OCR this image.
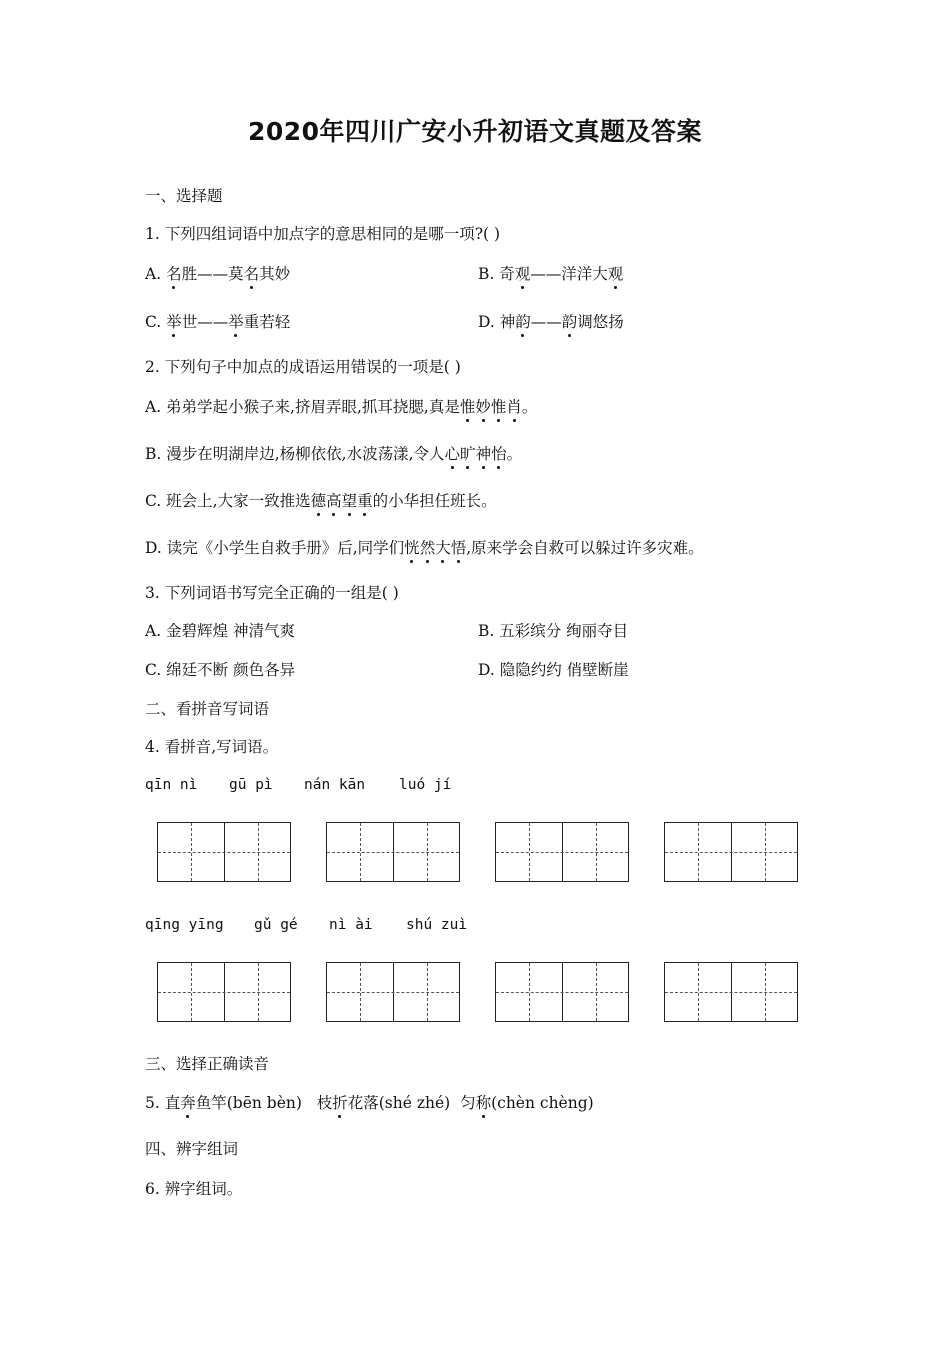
2020年四川广安小升初语文真题及答案
一、选择题
1. 下列四组词语中加点字的意思相同的是哪一项?( )
A. 名胜——莫名其妙	B. 奇观——洋洋大观
C. 举世——举重若轻	D. 神韵——韵调悠扬
2. 下列句子中加点的成语运用错误的一项是( )
A. 弟弟学起小猴子来,挤眉弄眼,抓耳挠腮,真是惟妙惟肖。
B. 漫步在明湖岸边,杨柳依依,水波荡漾,令人心旷神怡。
C. 班会上,大家一致推选德高望重的小华担任班长。
D. 读完《小学生自救手册》后,同学们恍然大悟,原来学会自救可以躲过许多灾难。
3. 下列词语书写完全正确的一组是( )
A. 金碧辉煌 神清气爽	B. 五彩缤分 绚丽夺目
C. 绵廷不断 颜色各异	D. 隐隐约约 俏壁断崖
二、看拼音写词语
4. 看拼音,写词语。
qīn nì gū pì nán kān luó jí
qīng yīng gǔ gé nì ài shú zuì
三、选择正确读音
5. 直奔鱼竿(bēn bèn) 枝折花落(shé zhé) 匀称(chèn chèng)
四、辨字组词
6. 辨字组词。
